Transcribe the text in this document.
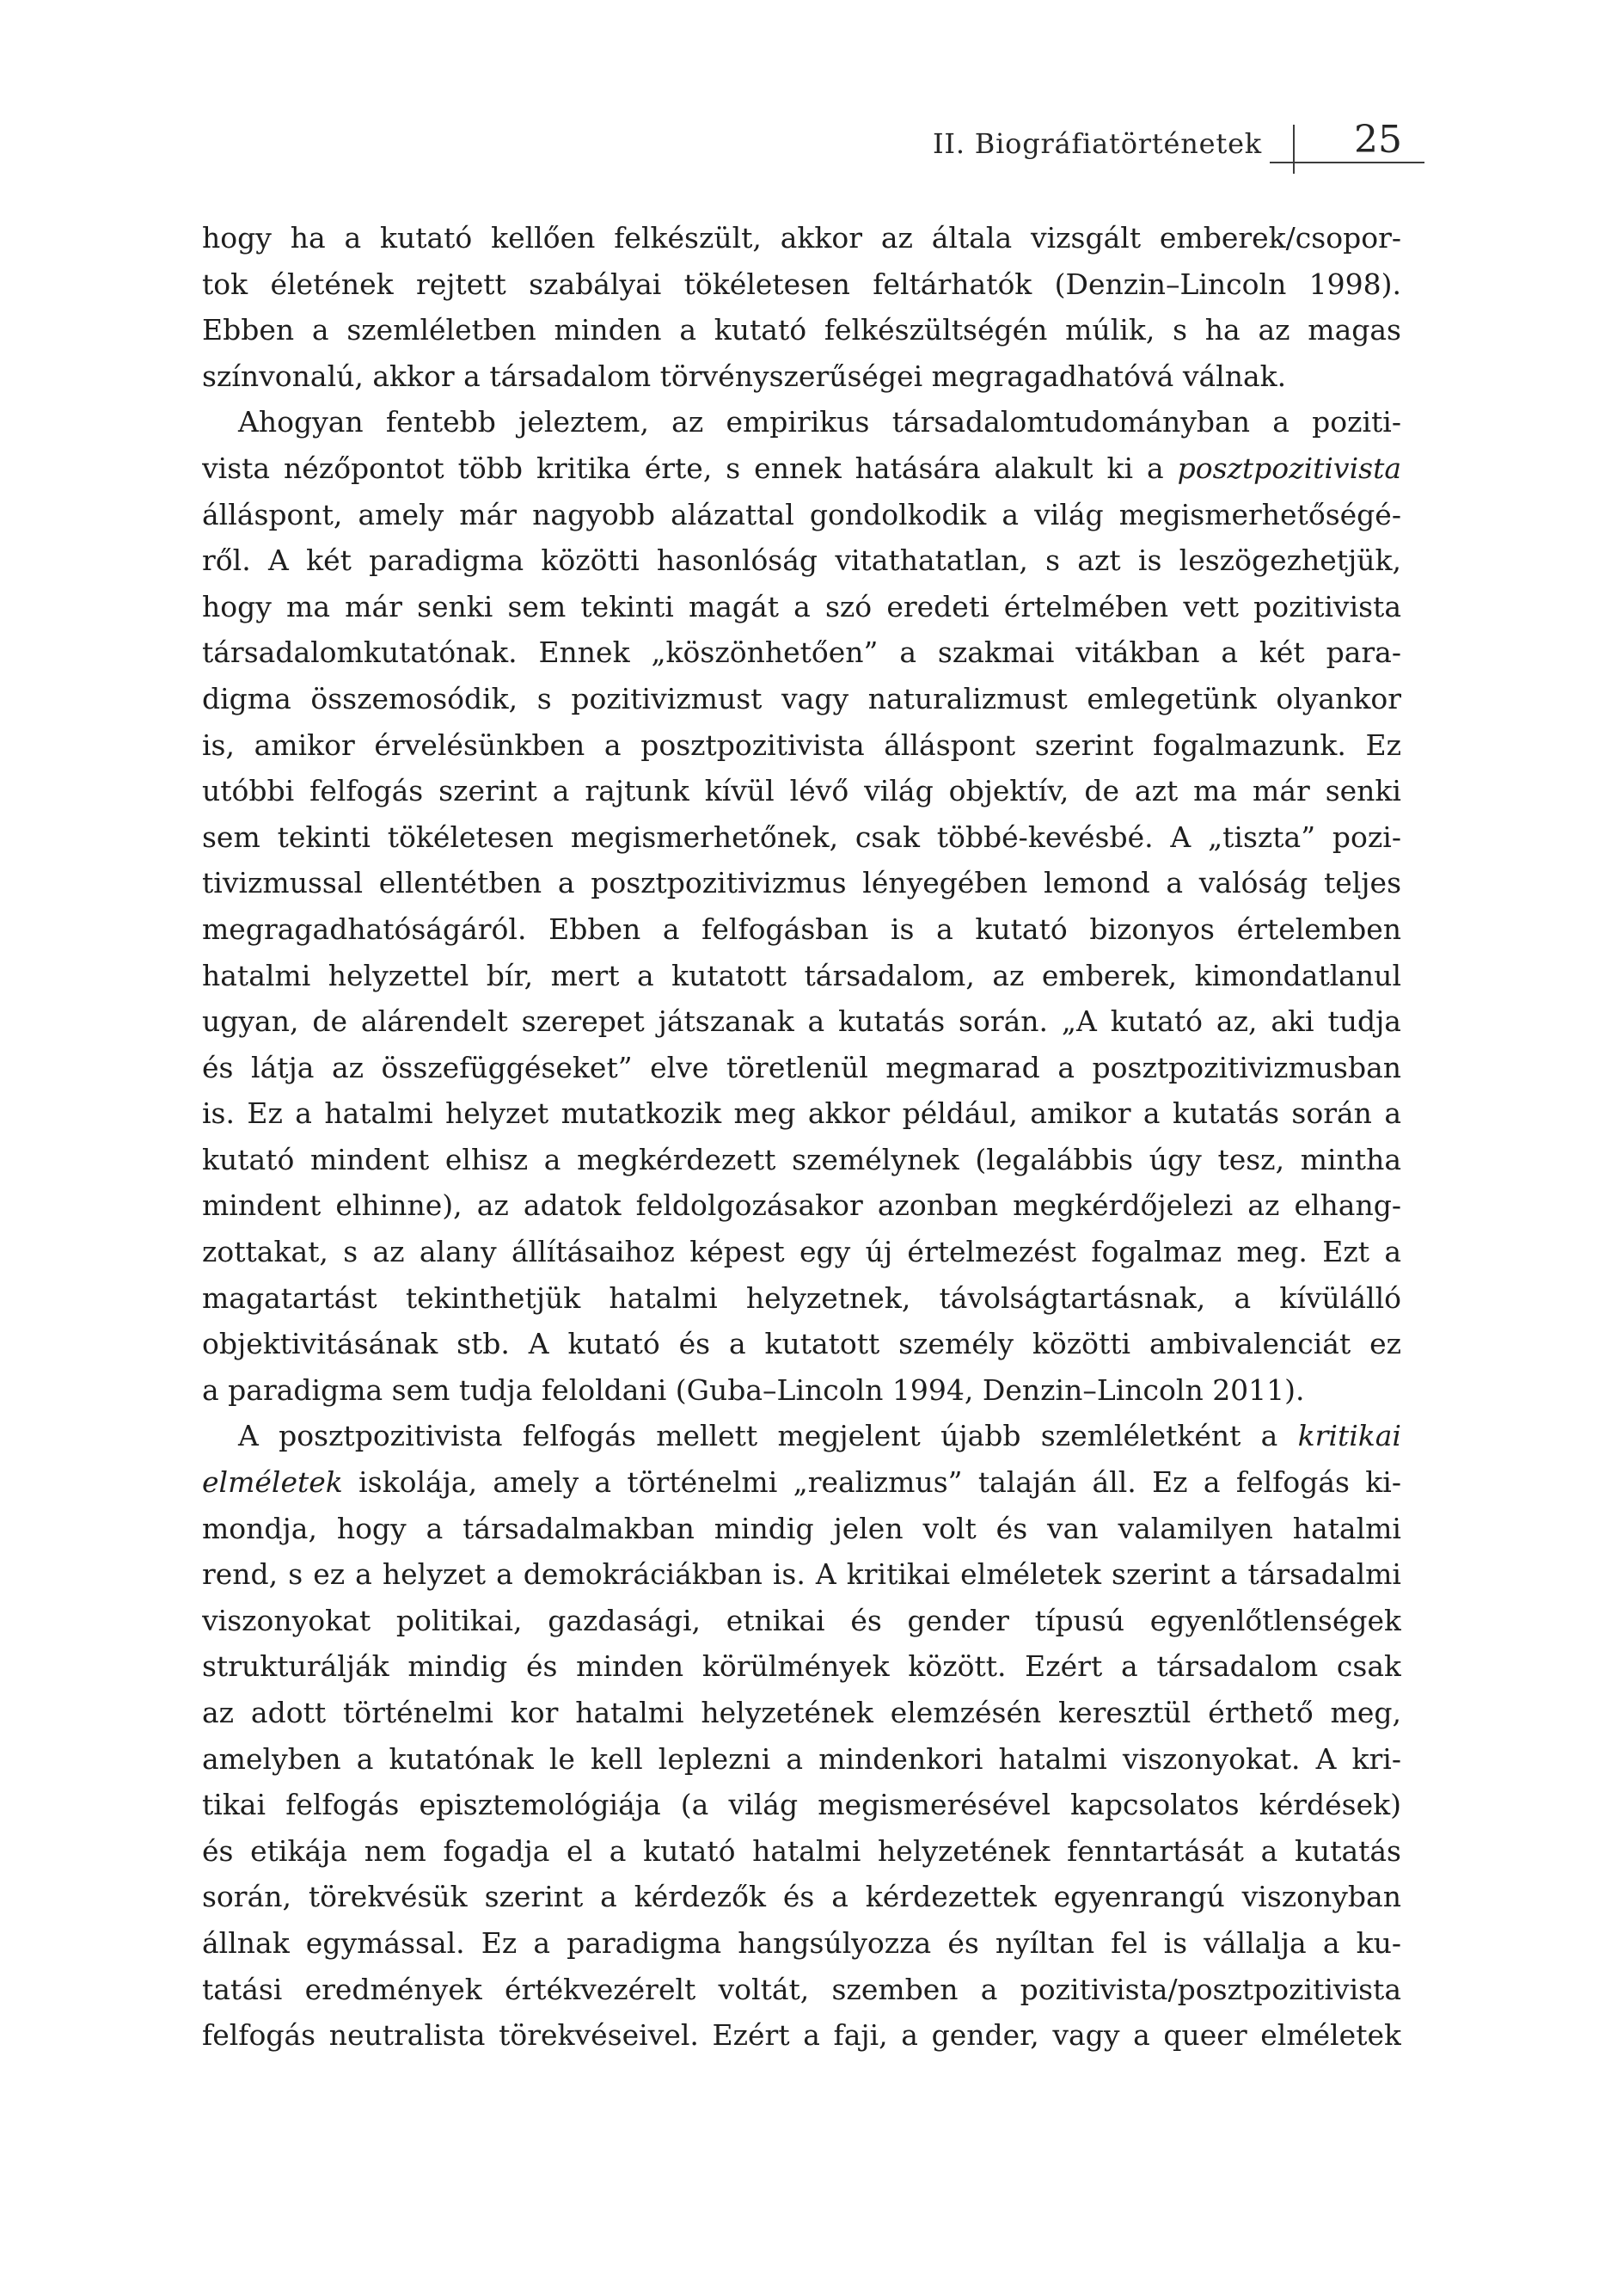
II. Biográfiatörténetek	25
hogy ha a kutató kellően felkészült, akkor az általa vizsgált emberek/csopor-
tok életének rejtett szabályai tökéletesen feltárhatók (Denzin–Lincoln 1998).
Ebben a szemléletben minden a kutató felkészültségén múlik, s ha az magas
színvonalú, akkor a társadalom törvényszerűségei megragadhatóvá válnak.
Ahogyan fentebb jeleztem, az empirikus társadalomtudományban a poziti-
vista nézőpontot több kritika érte, s ennek hatására alakult ki a posztpozitivista
álláspont, amely már nagyobb alázattal gondolkodik a világ megismerhetőségé-
ről. A két paradigma közötti hasonlóság vitathatatlan, s azt is leszögezhetjük,
hogy ma már senki sem tekinti magát a szó eredeti értelmében vett pozitivista
társadalomkutatónak. Ennek „köszönhetően” a szakmai vitákban a két para-
digma összemosódik, s pozitivizmust vagy naturalizmust emlegetünk olyankor
is, amikor érvelésünkben a posztpozitivista álláspont szerint fogalmazunk. Ez
utóbbi felfogás szerint a rajtunk kívül lévő világ objektív, de azt ma már senki
sem tekinti tökéletesen megismerhetőnek, csak többé-kevésbé. A „tiszta” pozi-
tivizmussal ellentétben a posztpozitivizmus lényegében lemond a valóság teljes
megragadhatóságáról. Ebben a felfogásban is a kutató bizonyos értelemben
hatalmi helyzettel bír, mert a kutatott társadalom, az emberek, kimondatlanul
ugyan, de alárendelt szerepet játszanak a kutatás során. „A kutató az, aki tudja
és látja az összefüggéseket” elve töretlenül megmarad a posztpozitivizmusban
is. Ez a hatalmi helyzet mutatkozik meg akkor például, amikor a kutatás során a
kutató mindent elhisz a megkérdezett személynek (legalábbis úgy tesz, mintha
mindent elhinne), az adatok feldolgozásakor azonban megkérdőjelezi az elhang-
zottakat, s az alany állításaihoz képest egy új értelmezést fogalmaz meg. Ezt a
magatartást tekinthetjük hatalmi helyzetnek, távolságtartásnak, a kívülálló
objektivitásának stb. A kutató és a kutatott személy közötti ambivalenciát ez
a paradigma sem tudja feloldani (Guba–Lincoln 1994, Denzin–Lincoln 2011).
A posztpozitivista felfogás mellett megjelent újabb szemléletként a kritikai
elméletek iskolája, amely a történelmi „realizmus” talaján áll. Ez a felfogás ki-
mondja, hogy a társadalmakban mindig jelen volt és van valamilyen hatalmi
rend, s ez a helyzet a demokráciákban is. A kritikai elméletek szerint a társadalmi
viszonyokat politikai, gazdasági, etnikai és gender típusú egyenlőtlenségek
strukturálják mindig és minden körülmények között. Ezért a társadalom csak
az adott történelmi kor hatalmi helyzetének elemzésén keresztül érthető meg,
amelyben a kutatónak le kell leplezni a mindenkori hatalmi viszonyokat. A kri-
tikai felfogás episztemológiája (a világ megismerésével kapcsolatos kérdések)
és etikája nem fogadja el a kutató hatalmi helyzetének fenntartását a kutatás
során, törekvésük szerint a kérdezők és a kérdezettek egyenrangú viszonyban
állnak egymással. Ez a paradigma hangsúlyozza és nyíltan fel is vállalja a ku-
tatási eredmények értékvezérelt voltát, szemben a pozitivista/posztpozitivista
felfogás neutralista törekvéseivel. Ezért a faji, a gender, vagy a queer elméletek
